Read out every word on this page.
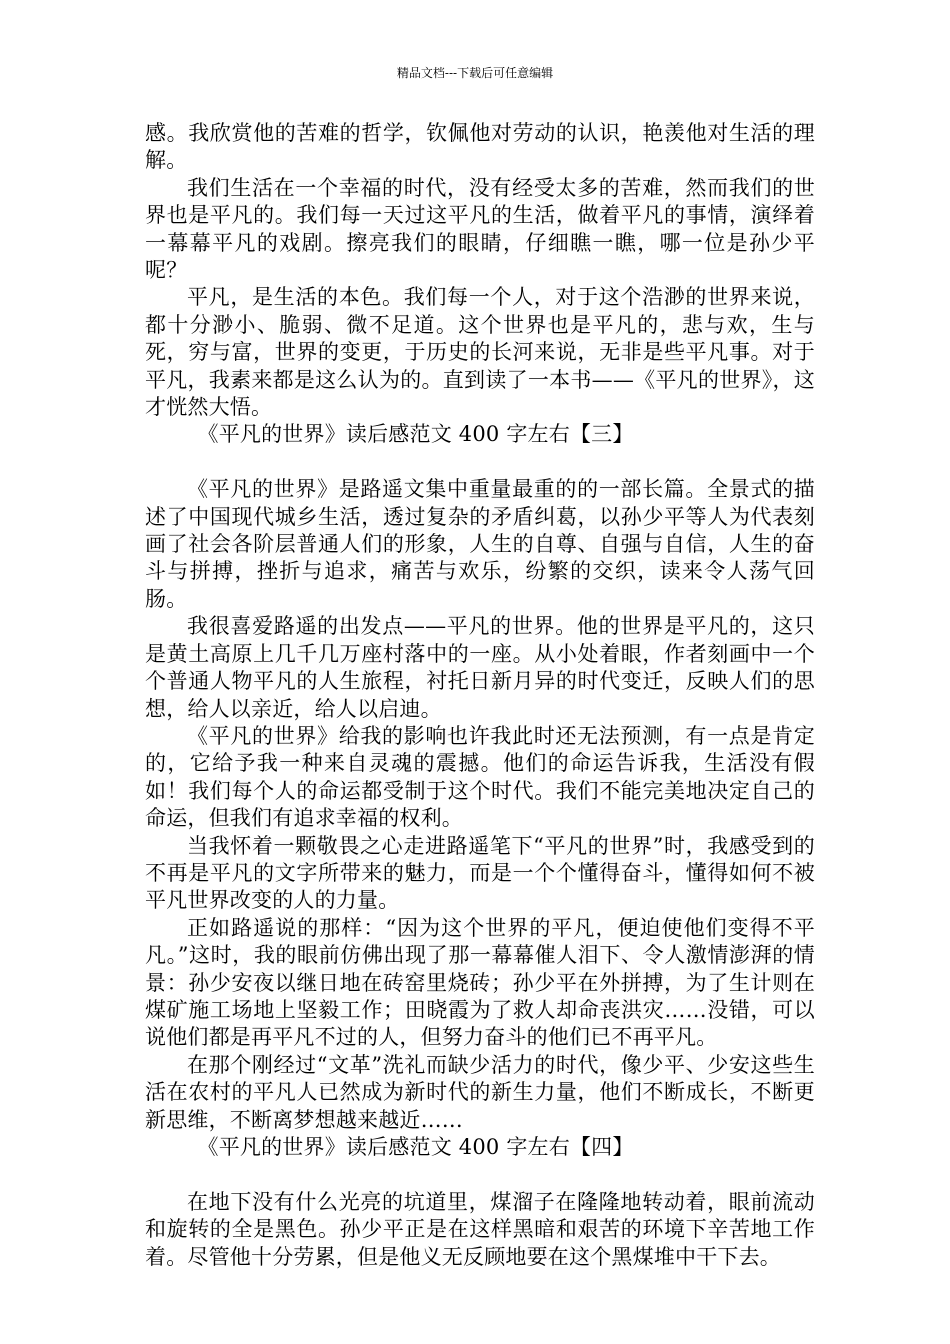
精品文档---下载后可任意编辑

感。我欣赏他的苦难的哲学，钦佩他对劳动的认识，艳羡他对生活的理解。

我们生活在一个幸福的时代，没有经受太多的苦难，然而我们的世界也是平凡的。我们每一天过这平凡的生活，做着平凡的事情，演绎着一幕幕平凡的戏剧。擦亮我们的眼睛，仔细瞧一瞧，哪一位是孙少平呢？

平凡，是生活的本色。我们每一个人，对于这个浩渺的世界来说，都十分渺小、脆弱、微不足道。这个世界也是平凡的，悲与欢，生与死，穷与富，世界的变更，于历史的长河来说，无非是些平凡事。对于平凡，我素来都是这么认为的。直到读了一本书——《平凡的世界》，这才恍然大悟。

《平凡的世界》读后感范文 400 字左右【三】

《平凡的世界》是路遥文集中重量最重的的一部长篇。全景式的描述了中国现代城乡生活，透过复杂的矛盾纠葛，以孙少平等人为代表刻画了社会各阶层普通人们的形象，人生的自尊、自强与自信，人生的奋斗与拼搏，挫折与追求，痛苦与欢乐，纷繁的交织，读来令人荡气回肠。

我很喜爱路遥的出发点——平凡的世界。他的世界是平凡的，这只是黄土高原上几千几万座村落中的一座。从小处着眼，作者刻画中一个个普通人物平凡的人生旅程，衬托日新月异的时代变迁，反映人们的思想，给人以亲近，给人以启迪。

《平凡的世界》给我的影响也许我此时还无法预测，有一点是肯定的，它给予我一种来自灵魂的震撼。他们的命运告诉我，生活没有假如！我们每个人的命运都受制于这个时代。我们不能完美地决定自己的命运，但我们有追求幸福的权利。

当我怀着一颗敬畏之心走进路遥笔下“平凡的世界”时，我感受到的不再是平凡的文字所带来的魅力，而是一个个懂得奋斗，懂得如何不被平凡世界改变的人的力量。

正如路遥说的那样：“因为这个世界的平凡，便迫使他们变得不平凡。”这时，我的眼前仿佛出现了那一幕幕催人泪下、令人激情澎湃的情景：孙少安夜以继日地在砖窑里烧砖；孙少平在外拼搏，为了生计则在煤矿施工场地上坚毅工作；田晓霞为了救人却命丧洪灾……没错，可以说他们都是再平凡不过的人，但努力奋斗的他们已不再平凡。

在那个刚经过“文革”洗礼而缺少活力的时代，像少平、少安这些生活在农村的平凡人已然成为新时代的新生力量，他们不断成长，不断更新思维，不断离梦想越来越近……

《平凡的世界》读后感范文 400 字左右【四】

在地下没有什么光亮的坑道里，煤溜子在隆隆地转动着，眼前流动和旋转的全是黑色。孙少平正是在这样黑暗和艰苦的环境下辛苦地工作着。尽管他十分劳累，但是他义无反顾地要在这个黑煤堆中干下去。
